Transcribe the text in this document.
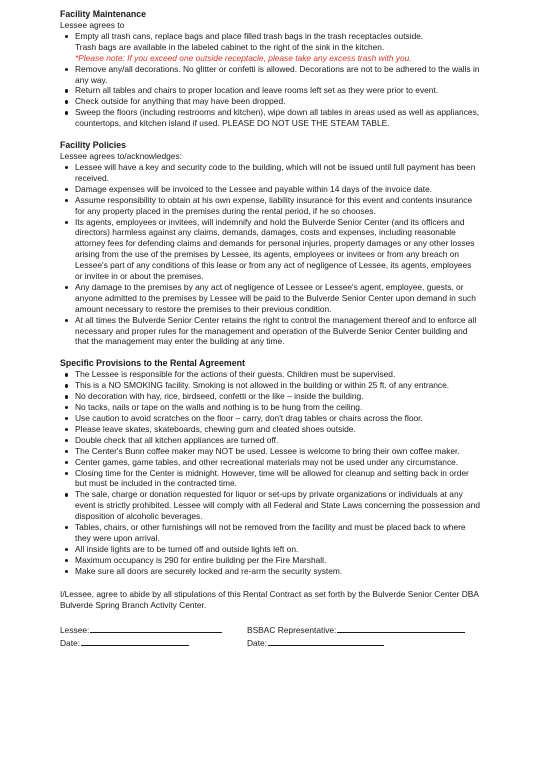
Facility Maintenance

Lessee agrees to

Empty all trash cans, replace bags and place filled trash bags in the trash receptacles outside.
Trash bags are available in the labeled cabinet to the right of the sink in the kitchen.
*Please note: If you exceed one outside receptacle, please take any excess trash with you.
Remove any/all decorations. No glitter or confetti is allowed. Decorations are not to be adhered to the walls in any way.
Return all tables and chairs to proper location and leave rooms left set as they were prior to event.
Check outside for anything that may have been dropped.
Sweep the floors (including restrooms and kitchen), wipe down all tables in areas used as well as appliances, countertops, and kitchen island if used. PLEASE DO NOT USE THE STEAM TABLE.
Facility Policies

Lessee agrees to/acknowledges:

Lessee will have a key and security code to the building, which will not be issued until full payment has been received.
Damage expenses will be invoiced to the Lessee and payable within 14 days of the invoice date.
Assume responsibility to obtain at his own expense, liability insurance for this event and contents insurance for any property placed in the premises during the rental period, if he so chooses.
Its agents, employees or invitees, will indemnify and hold the Bulverde Senior Center (and its officers and directors) harmless against any claims, demands, damages, costs and expenses, including reasonable attorney fees for defending claims and demands for personal injuries, property damages or any other losses arising from the use of the premises by Lessee, its agents, employees or invitees or from any breach on Lessee's part of any conditions of this lease or from any act of negligence of Lessee, its agents, employees or invitee in or about the premises.
Any damage to the premises by any act of negligence of Lessee or Lessee's agent, employee, guests, or anyone admitted to the premises by Lessee will be paid to the Bulverde Senior Center upon demand in such amount necessary to restore the premises to their previous condition.
At all times the Bulverde Senior Center retains the right to control the management thereof and to enforce all necessary and proper rules for the management and operation of the Bulverde Senior Center building and that the management may enter the building at any time.
Specific Provisions to the Rental Agreement
The Lessee is responsible for the actions of their guests. Children must be supervised.
This is a NO SMOKING facility. Smoking is not allowed in the building or within 25 ft. of any entrance.
No decoration with hay, rice, birdseed, confetti or the like – inside the building.
No tacks, nails or tape on the walls and nothing is to be hung from the ceiling.
Use caution to avoid scratches on the floor – carry, don't drag tables or chairs across the floor.
Please leave skates, skateboards, chewing gum and cleated shoes outside.
Double check that all kitchen appliances are turned off.
The Center's Bunn coffee maker may NOT be used. Lessee is welcome to bring their own coffee maker.
Center games, game tables, and other recreational materials may not be used under any circumstance.
Closing time for the Center is midnight. However, time will be allowed for cleanup and setting back in order but must be included in the contracted time.
The sale, charge or donation requested for liquor or set-ups by private organizations or individuals at any event is strictly prohibited. Lessee will comply with all Federal and State Laws concerning the possession and disposition of alcoholic beverages.
Tables, chairs, or other furnishings will not be removed from the facility and must be placed back to where they were upon arrival.
All inside lights are to be turned off and outside lights left on.
Maximum occupancy is 290 for entire building per the Fire Marshall.
Make sure all doors are securely locked and re-arm the security system.

I/Lessee, agree to abide by all stipulations of this Rental Contract as set forth by the Bulverde Senior Center DBA Bulverde Spring Branch Activity Center.

Lessee:	BSBAC Representative:
Date:	Date:
